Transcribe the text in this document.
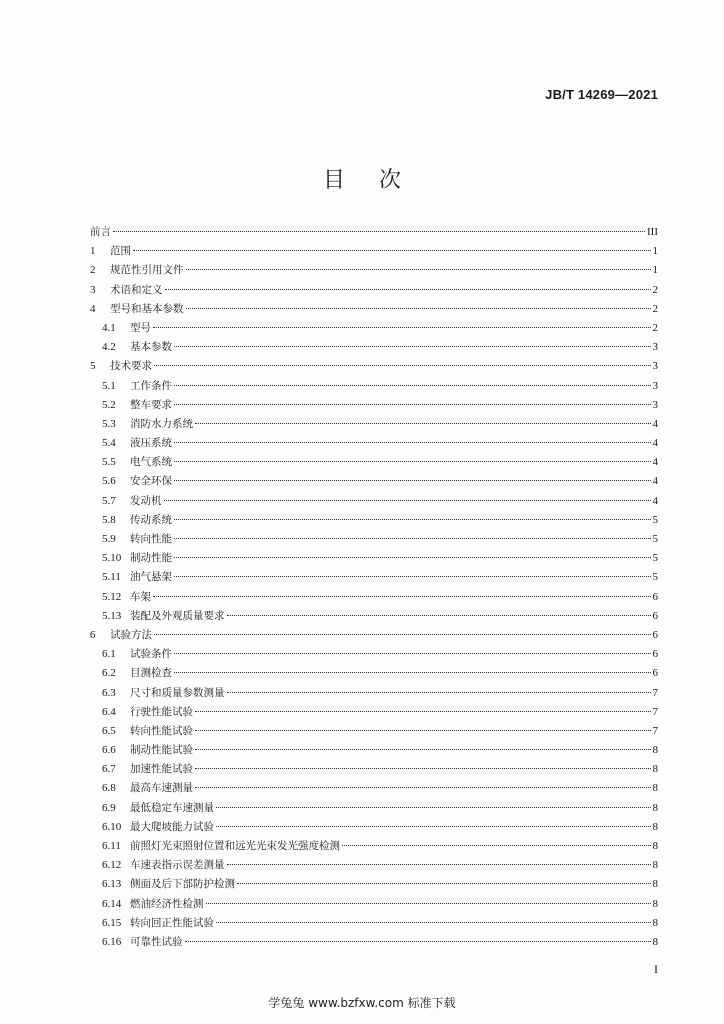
JB/T 14269—2021
目次
前言	III
1	范围	1
2	规范性引用文件	1
3	术语和定义	2
4	型号和基本参数	2
4.1	型号	2
4.2	基本参数	3
5	技术要求	3
5.1	工作条件	3
5.2	整车要求	3
5.3	消防水力系统	4
5.4	液压系统	4
5.5	电气系统	4
5.6	安全环保	4
5.7	发动机	4
5.8	传动系统	5
5.9	转向性能	5
5.10 制动性能	5
5.11 油气悬架	5
5.12 车架	6
5.13 装配及外观质量要求	6
6	试验方法	6
6.1	试验条件	6
6.2	目测检查	6
6.3	尺寸和质量参数测量	7
6.4	行驶性能试验	7
6.5	转向性能试验	7
6.6	制动性能试验	8
6.7	加速性能试验	8
6.8	最高车速测量	8
6.9	最低稳定车速测量	8
6.10 最大爬坡能力试验	8
6.11 前照灯光束照射位置和远光光束发光强度检测	8
6.12 车速表指示误差测量	8
6.13 侧面及后下部防护检测	8
6.14 燃油经济性检测	8
6.15 转向回正性能试验	8
6.16 可靠性试验	8
I
学兔兔 www.bzfxw.com 标准下载
